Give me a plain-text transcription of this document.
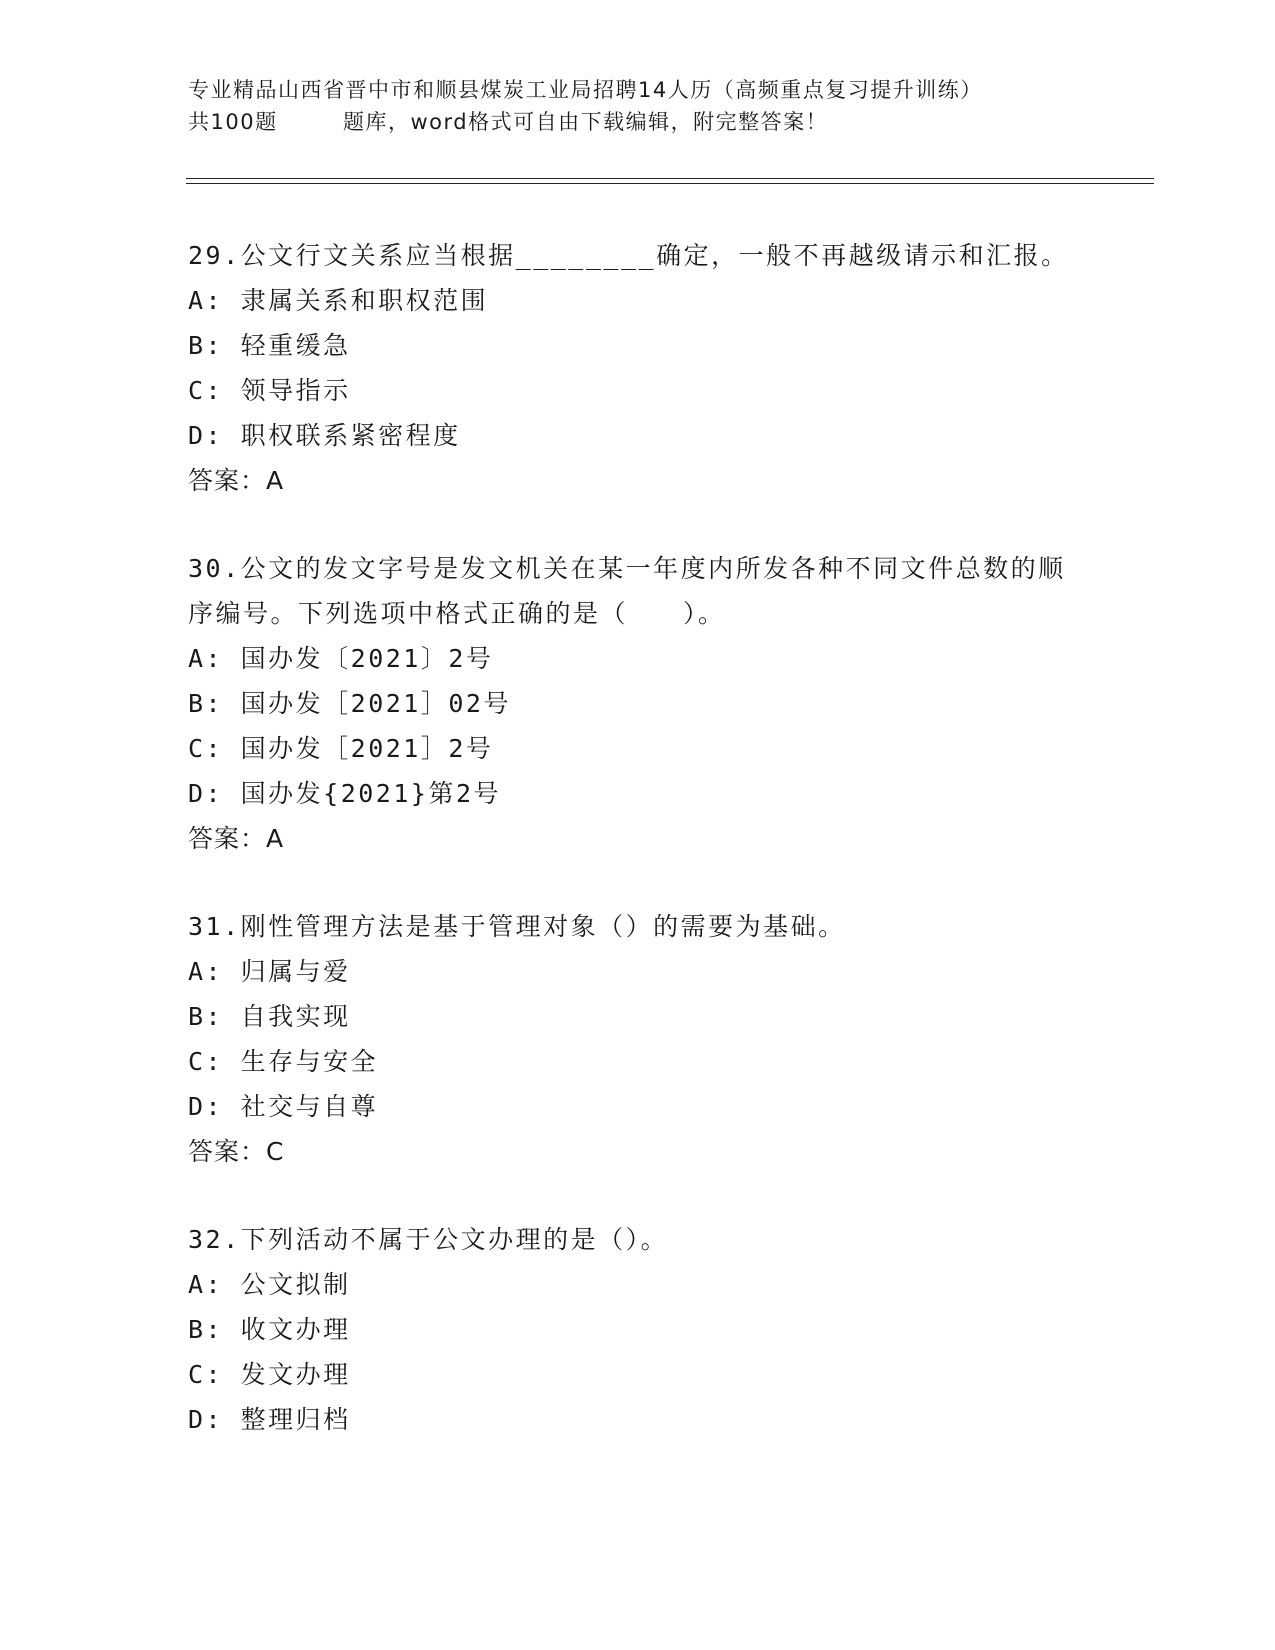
专业精品山西省晋中市和顺县煤炭工业局招聘14人历（高频重点复习提升训练）
共100题        题库，word格式可自由下载编辑，附完整答案！
29.公文行文关系应当根据________确定，一般不再越级请示和汇报。
A: 隶属关系和职权范围
B: 轻重缓急
C: 领导指示
D: 职权联系紧密程度
答案：A
30.公文的发文字号是发文机关在某一年度内所发各种不同文件总数的顺序编号。下列选项中格式正确的是（　　）。
A: 国办发〔2021〕2号
B: 国办发［2021］02号
C: 国办发［2021］2号
D: 国办发{2021}第2号
答案：A
31.刚性管理方法是基于管理对象（）的需要为基础。
A: 归属与爱
B: 自我实现
C: 生存与安全
D: 社交与自尊
答案：C
32.下列活动不属于公文办理的是（）。
A: 公文拟制
B: 收文办理
C: 发文办理
D: 整理归档
